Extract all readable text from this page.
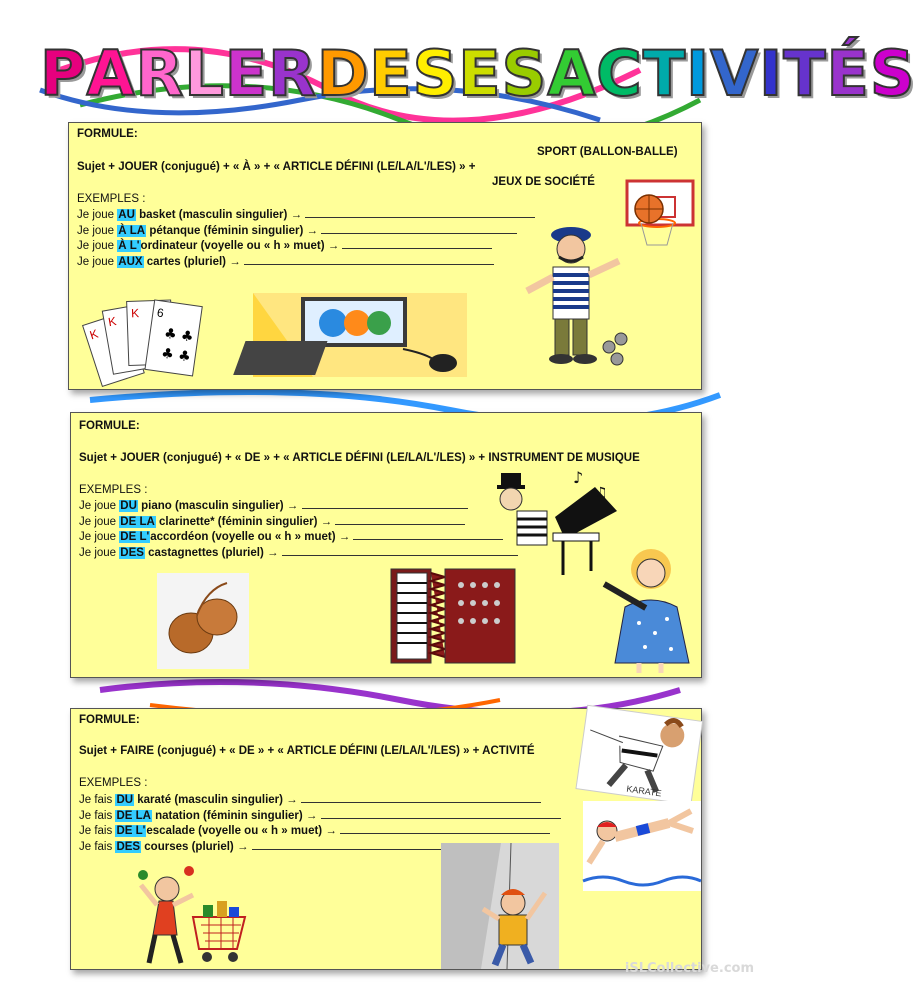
P A R L E R D E S E S A C T I V I T É S
FORMULE:
SPORT (BALLON-BALLE)
Sujet + JOUER (conjugué) + « À » + « ARTICLE DÉFINI (LE/LA/L'/LES) » +
JEUX DE SOCIÉTÉ
EXEMPLES :
Je joue AU basket (masculin singulier) →
Je joue À LA pétanque (féminin singulier) →
Je joue À L'ordinateur (voyelle ou « h » muet) →
Je joue AUX cartes (pluriel) →
K
K
K 6
♣ ♣
♣ ♣
FORMULE:
Sujet + JOUER (conjugué) + « DE » + « ARTICLE DÉFINI (LE/LA/L'/LES) » + INSTRUMENT DE MUSIQUE
EXEMPLES :
Je joue DU piano (masculin singulier) →
Je joue DE LA clarinette* (féminin singulier) →
Je joue DE L'accordéon (voyelle ou « h » muet) →
Je joue DES castagnettes (pluriel) →
♪
♫
FORMULE:
Sujet + FAIRE (conjugué) + « DE » + « ARTICLE DÉFINI (LE/LA/L'/LES) » + ACTIVITÉ
EXEMPLES :
Je fais DU karaté (masculin singulier) →
Je fais DE LA natation (féminin singulier) →
Je fais DE L'escalade (voyelle ou « h » muet) →
Je fais DES courses (pluriel) →
KARATE
iSLCollective.com
